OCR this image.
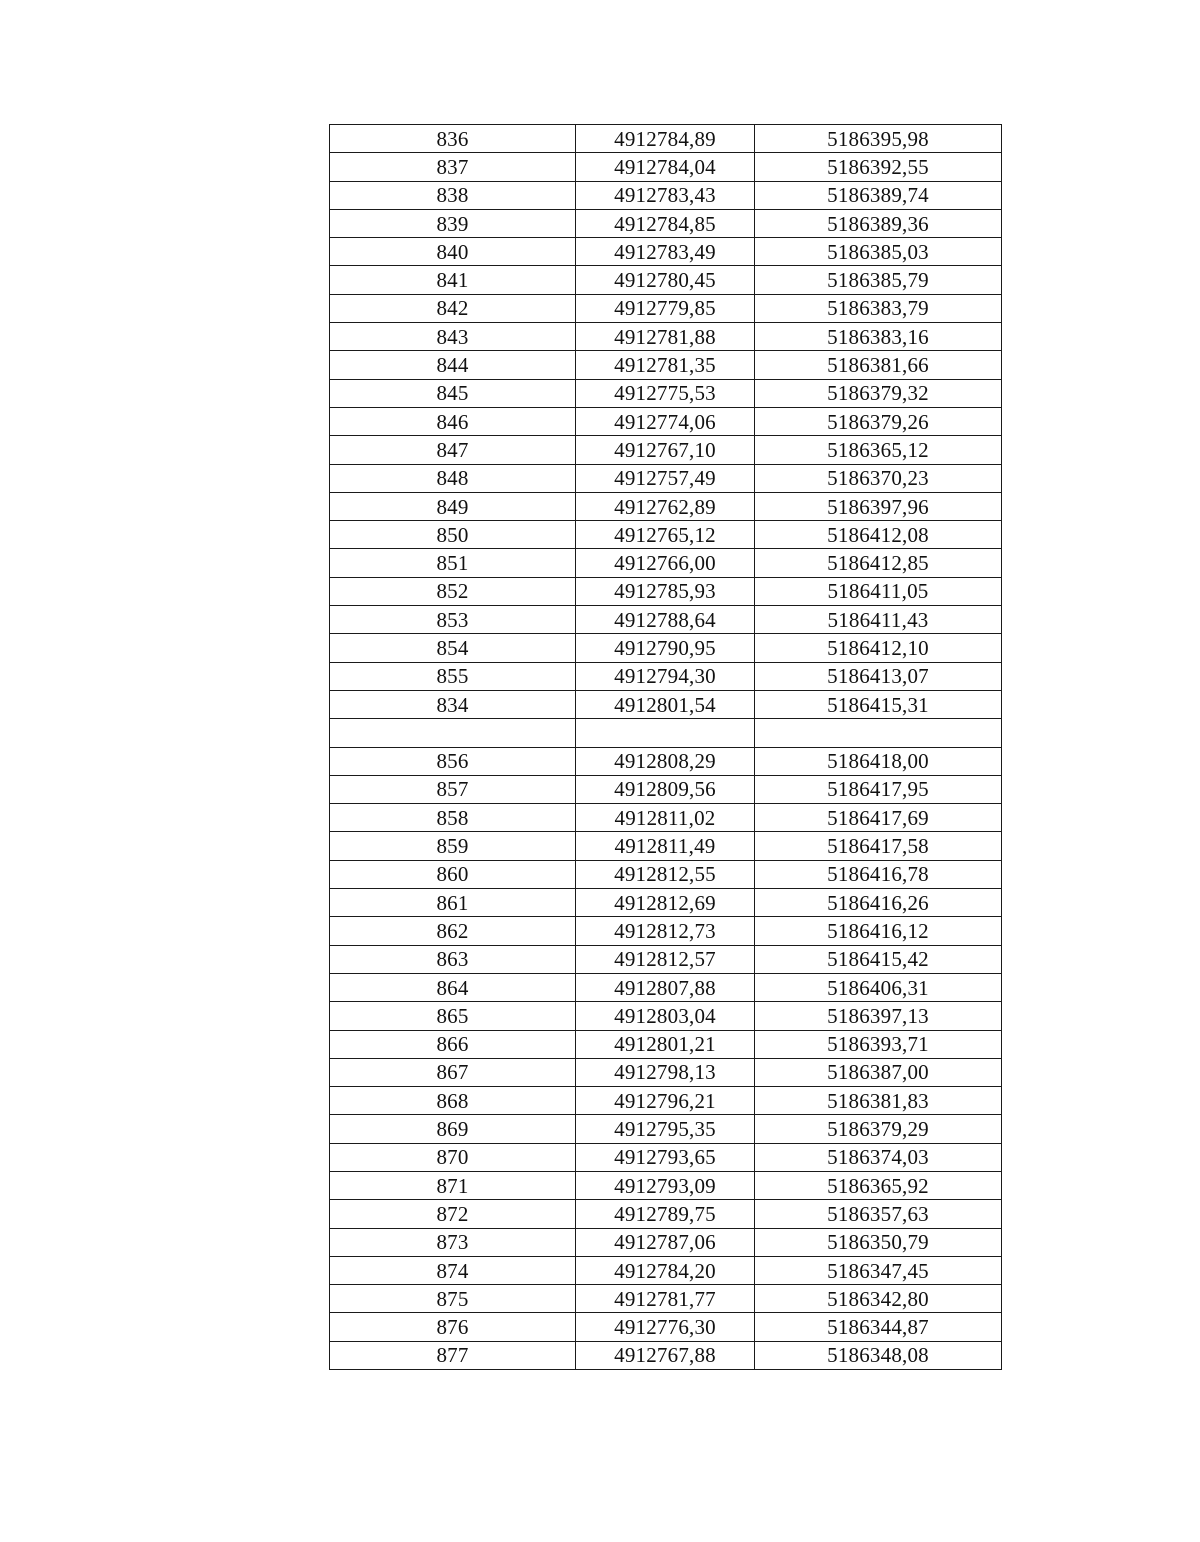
836	4912784,89	5186395,98
837	4912784,04	5186392,55
838	4912783,43	5186389,74
839	4912784,85	5186389,36
840	4912783,49	5186385,03
841	4912780,45	5186385,79
842	4912779,85	5186383,79
843	4912781,88	5186383,16
844	4912781,35	5186381,66
845	4912775,53	5186379,32
846	4912774,06	5186379,26
847	4912767,10	5186365,12
848	4912757,49	5186370,23
849	4912762,89	5186397,96
850	4912765,12	5186412,08
851	4912766,00	5186412,85
852	4912785,93	5186411,05
853	4912788,64	5186411,43
854	4912790,95	5186412,10
855	4912794,30	5186413,07
834	4912801,54	5186415,31

856	4912808,29	5186418,00
857	4912809,56	5186417,95
858	4912811,02	5186417,69
859	4912811,49	5186417,58
860	4912812,55	5186416,78
861	4912812,69	5186416,26
862	4912812,73	5186416,12
863	4912812,57	5186415,42
864	4912807,88	5186406,31
865	4912803,04	5186397,13
866	4912801,21	5186393,71
867	4912798,13	5186387,00
868	4912796,21	5186381,83
869	4912795,35	5186379,29
870	4912793,65	5186374,03
871	4912793,09	5186365,92
872	4912789,75	5186357,63
873	4912787,06	5186350,79
874	4912784,20	5186347,45
875	4912781,77	5186342,80
876	4912776,30	5186344,87
877	4912767,88	5186348,08
